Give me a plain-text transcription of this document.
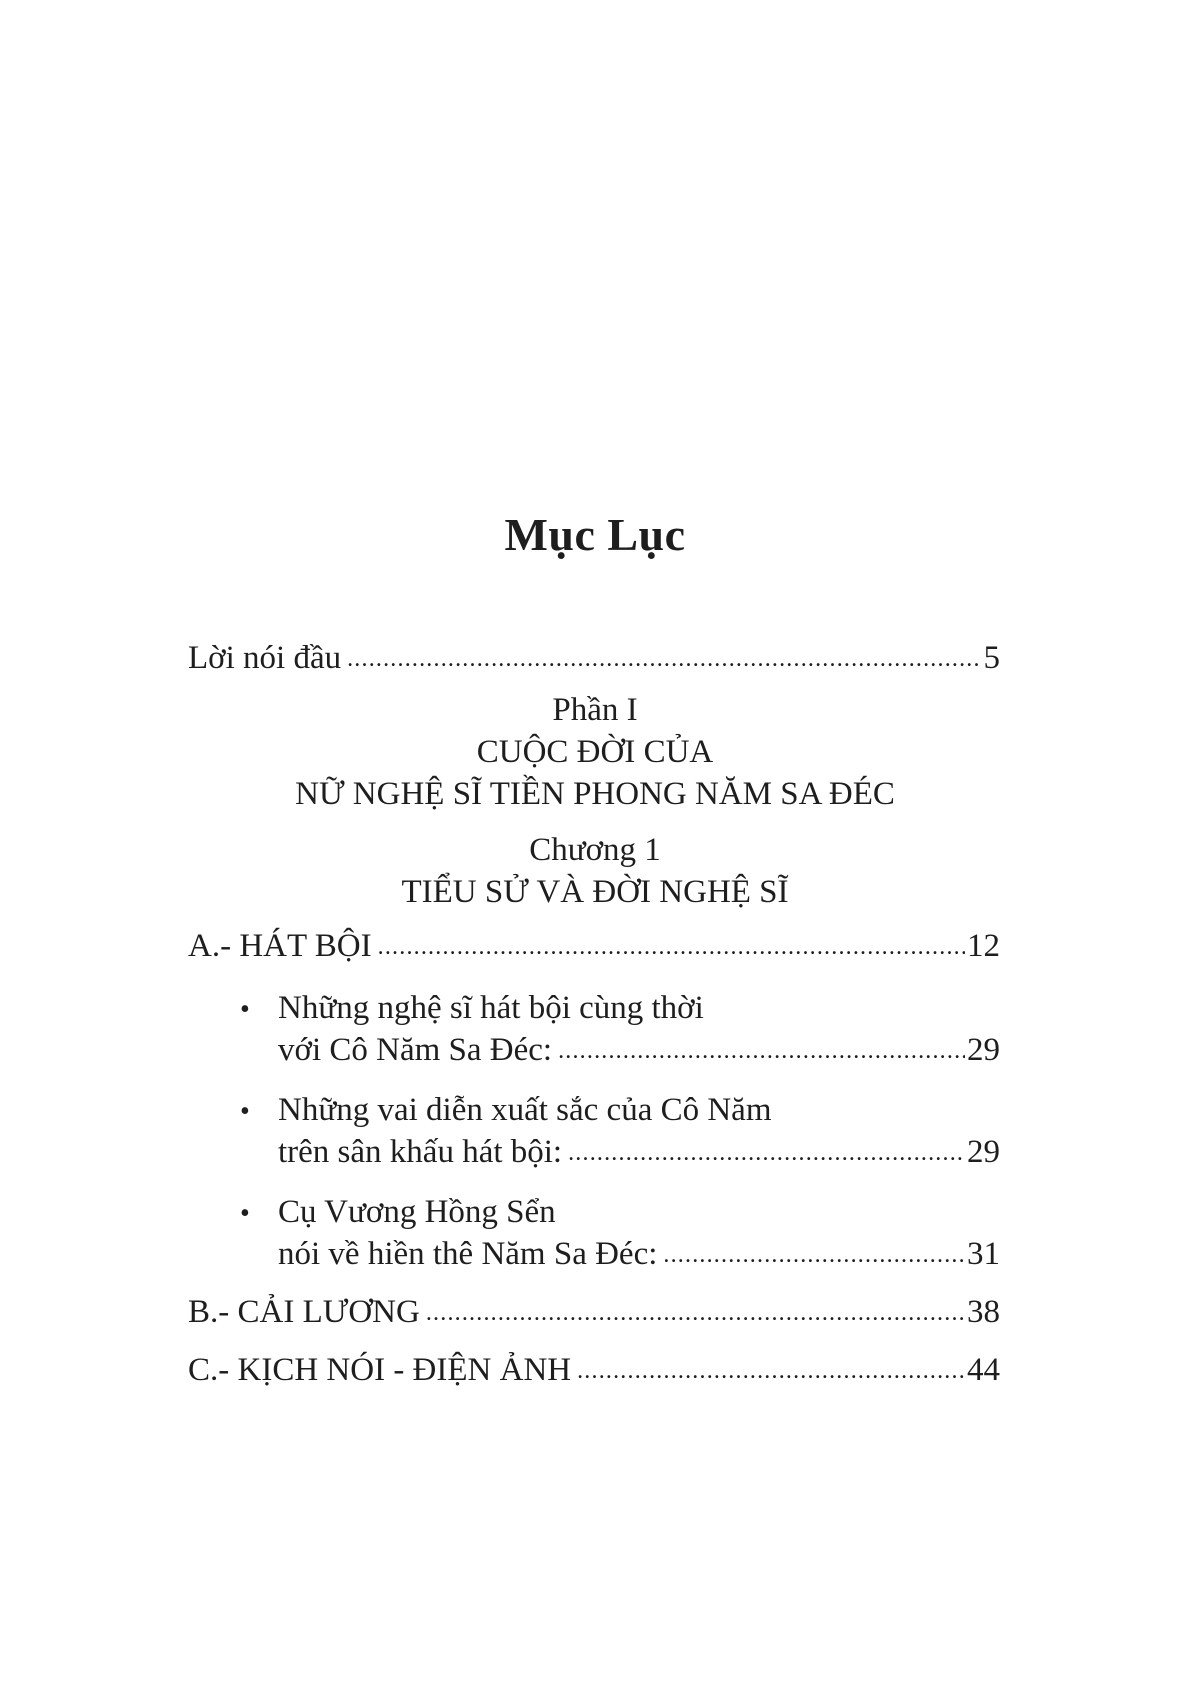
Mục Lục
Lời nói đầu .....	5
Phần I
CUỘC ĐỜI CỦA
NỮ NGHỆ SĨ TIỀN PHONG NĂM SA ĐÉC
Chương 1
TIỂU SỬ VÀ ĐỜI NGHỆ SĨ
A.- HÁT BỘI .....	12
• Những nghệ sĩ hát bội cùng thời
với Cô Năm Sa Đéc: .....	29
• Những vai diễn xuất sắc của Cô Năm
trên sân khấu hát bội: .....	29
• Cụ Vương Hồng Sển
nói về hiền thê Năm Sa Đéc: .....	31
B.- CẢI LƯƠNG .....	38
C.- KỊCH NÓI - ĐIỆN ẢNH .....	44
